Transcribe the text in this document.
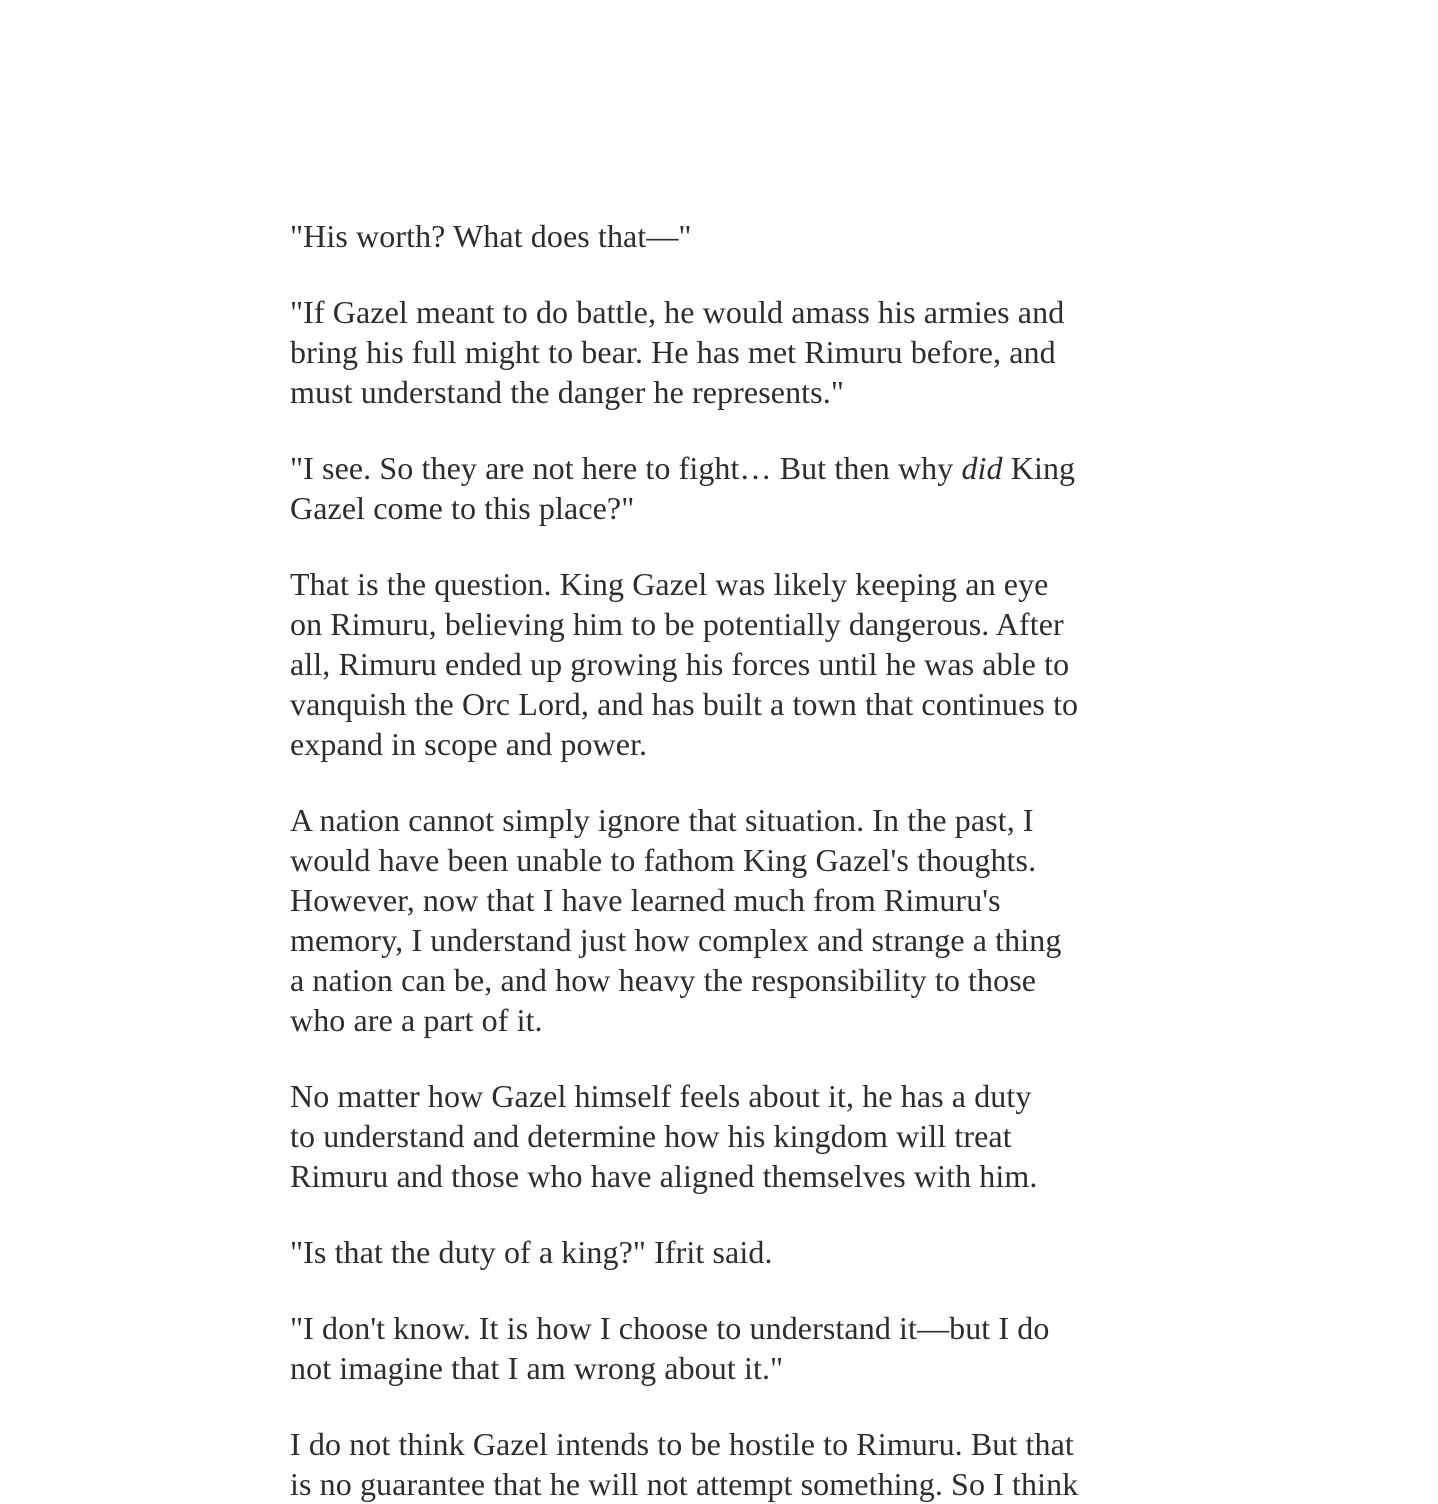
"His worth? What does that—"
"If Gazel meant to do battle, he would amass his armies and
bring his full might to bear. He has met Rimuru before, and
must understand the danger he represents."
"I see. So they are not here to fight… But then why did King
Gazel come to this place?"
That is the question. King Gazel was likely keeping an eye
on Rimuru, believing him to be potentially dangerous. After
all, Rimuru ended up growing his forces until he was able to
vanquish the Orc Lord, and has built a town that continues to
expand in scope and power.
A nation cannot simply ignore that situation. In the past, I
would have been unable to fathom King Gazel's thoughts.
However, now that I have learned much from Rimuru's
memory, I understand just how complex and strange a thing
a nation can be, and how heavy the responsibility to those
who are a part of it.
No matter how Gazel himself feels about it, he has a duty
to understand and determine how his kingdom will treat
Rimuru and those who have aligned themselves with him.
"Is that the duty of a king?" Ifrit said.
"I don't know. It is how I choose to understand it—but I do
not imagine that I am wrong about it."
I do not think Gazel intends to be hostile to Rimuru. But that
is no guarantee that he will not attempt something. So I think
